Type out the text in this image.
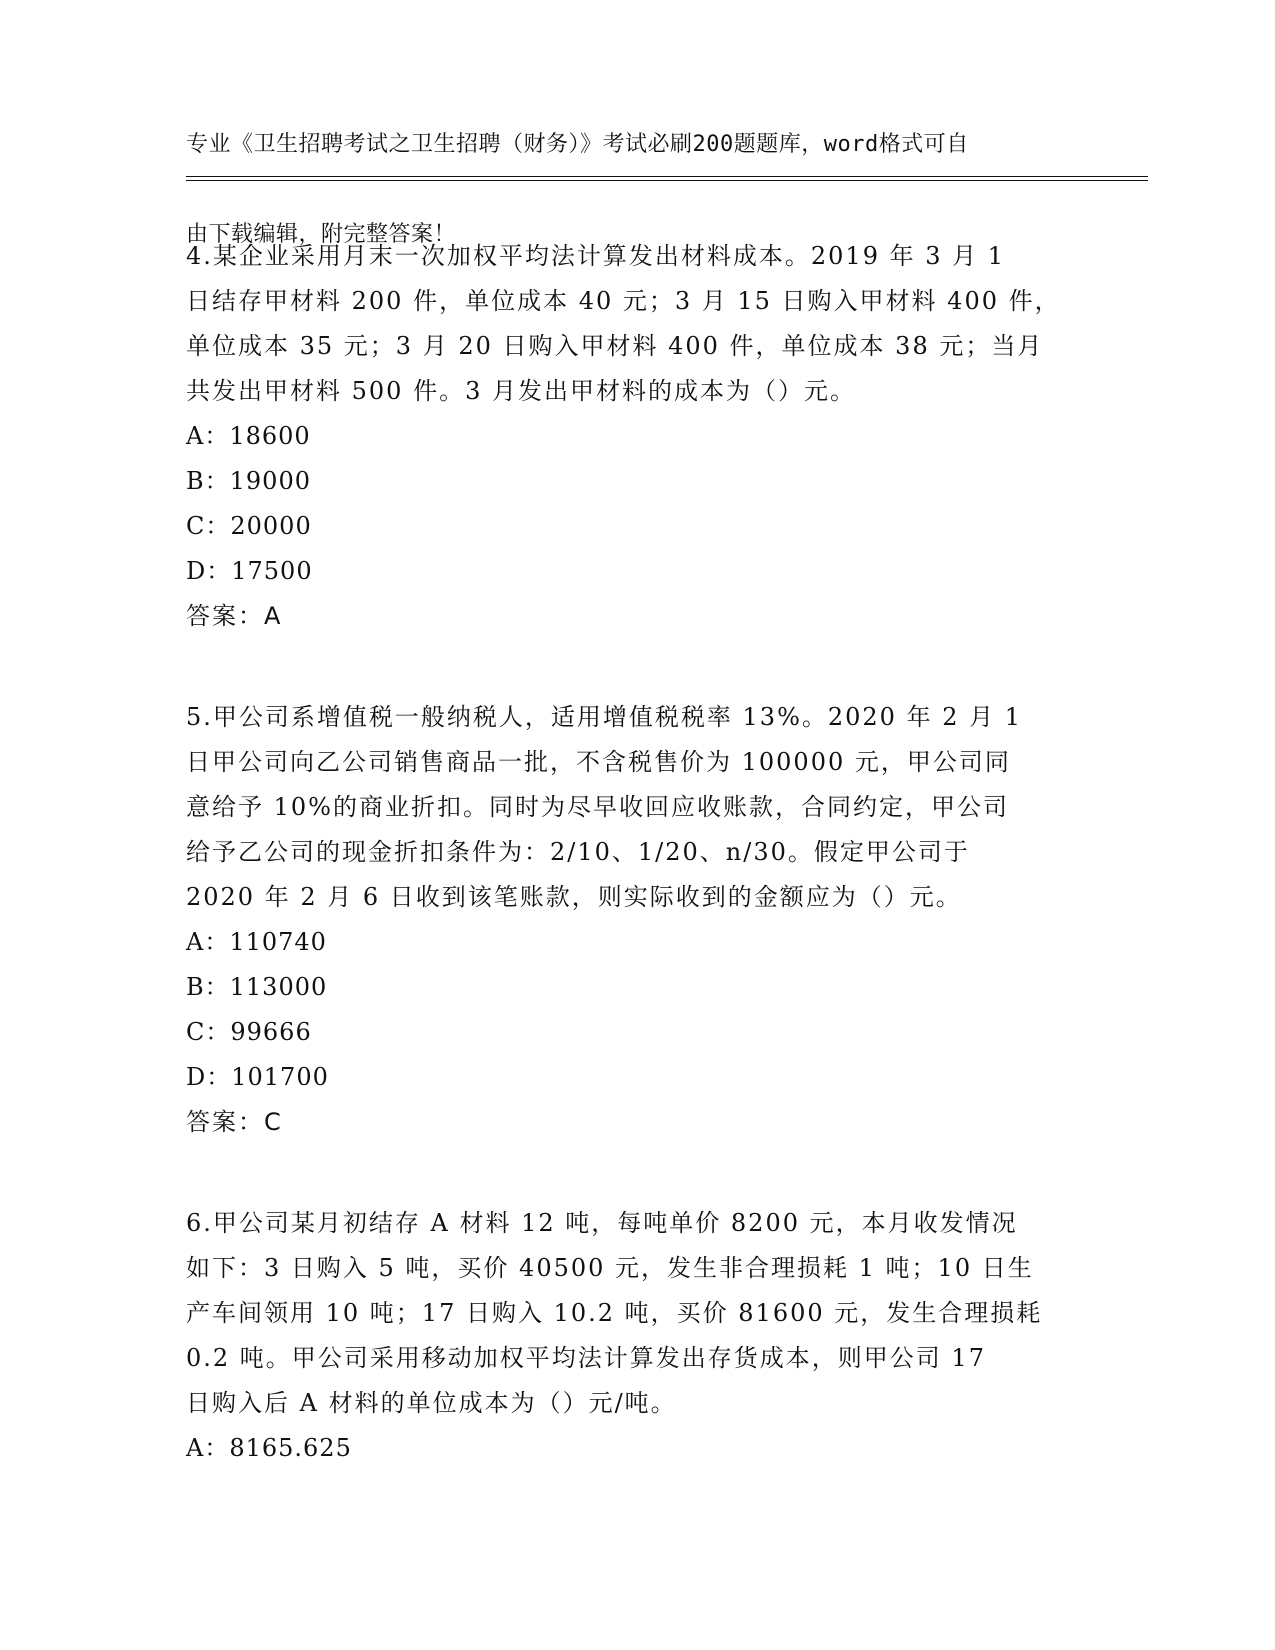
专业《卫生招聘考试之卫生招聘（财务）》考试必刷200题题库，word格式可自

由下载编辑，附完整答案！

4.某企业采用月末一次加权平均法计算发出材料成本。2019 年 3 月 1
日结存甲材料 200 件，单位成本 40 元；3 月 15 日购入甲材料 400 件，
单位成本 35 元；3 月 20 日购入甲材料 400 件，单位成本 38 元；当月
共发出甲材料 500 件。3 月发出甲材料的成本为（）元。

A：18600

B：19000

C：20000

D：17500

答案：A

5.甲公司系增值税一般纳税人，适用增值税税率 13%。2020 年 2 月 1
日甲公司向乙公司销售商品一批，不含税售价为 100000 元，甲公司同
意给予 10%的商业折扣。同时为尽早收回应收账款，合同约定，甲公司
给予乙公司的现金折扣条件为：2/10、1/20、n/30。假定甲公司于
2020 年 2 月 6 日收到该笔账款，则实际收到的金额应为（）元。

A：110740

B：113000

C：99666

D：101700

答案：C

6.甲公司某月初结存 A 材料 12 吨，每吨单价 8200 元，本月收发情况
如下：3 日购入 5 吨，买价 40500 元，发生非合理损耗 1 吨；10 日生
产车间领用 10 吨；17 日购入 10.2 吨，买价 81600 元，发生合理损耗
0.2 吨。甲公司采用移动加权平均法计算发出存货成本，则甲公司 17
日购入后 A 材料的单位成本为（）元/吨。

A：8165.625
